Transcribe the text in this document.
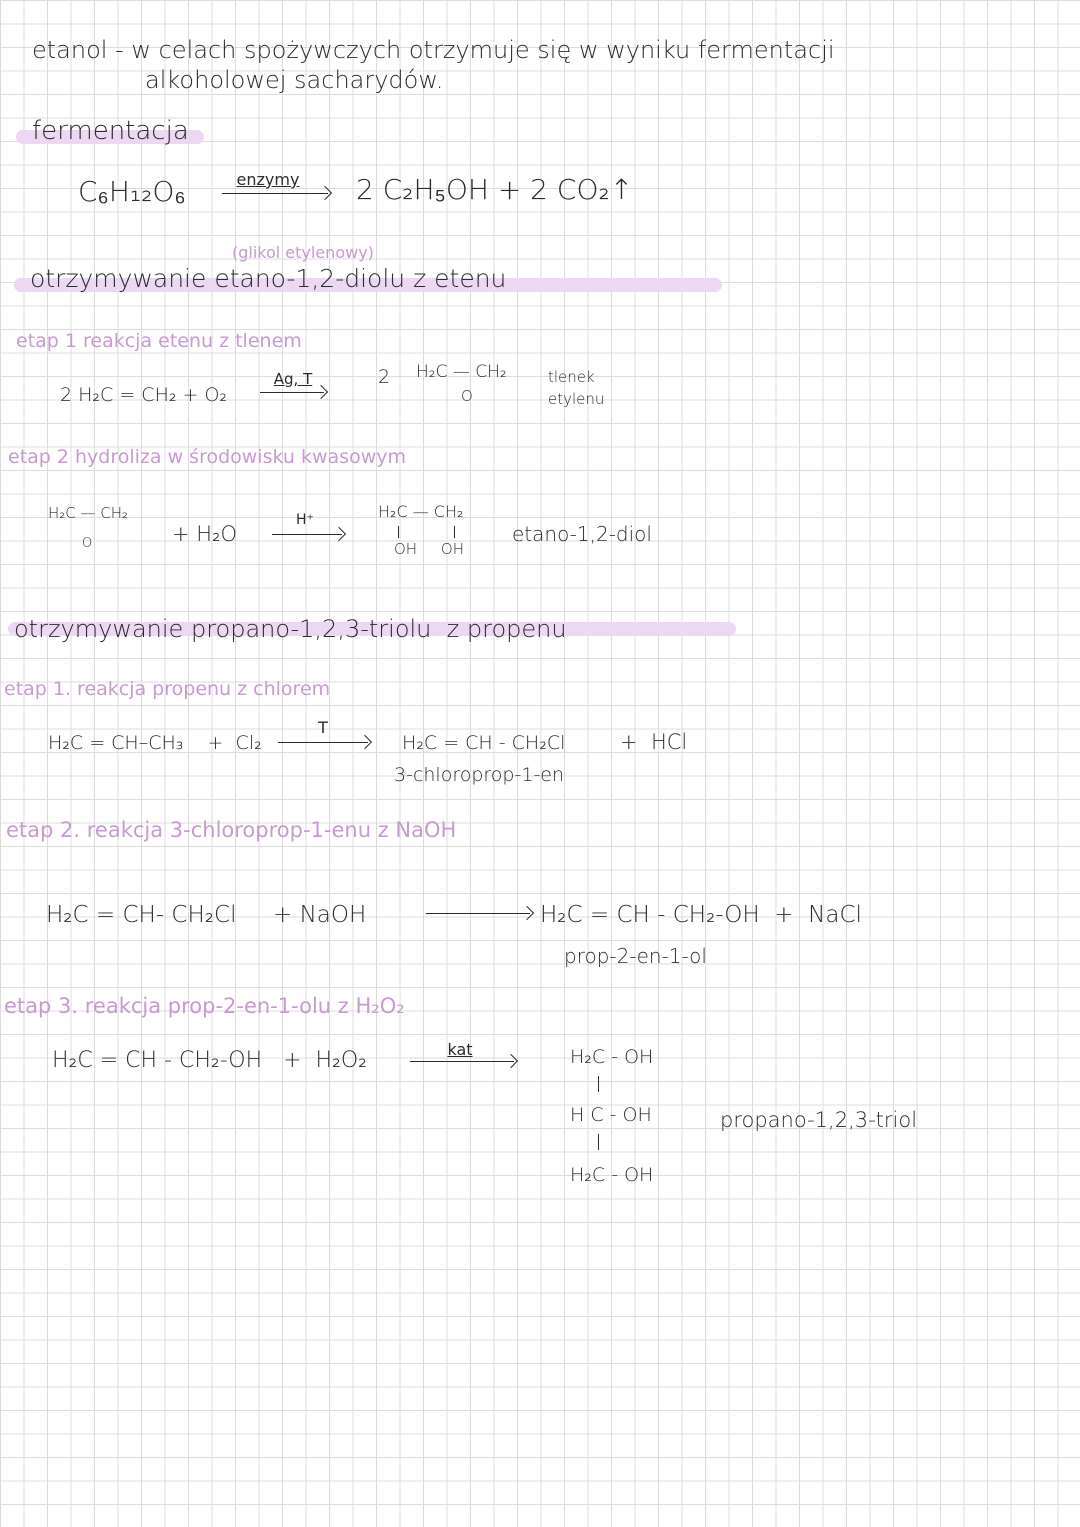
etanol - w celach spożywczych otrzymuje się w wyniku fermentacji
alkoholowej sacharydów.
fermentacja
C₆H₁₂O₆	enzymy	2 C₂H₅OH + 2 CO₂↑
(glikol etylenowy)
otrzymywanie etano-1,2-diolu z etenu
etap 1 reakcja etenu z tlenem
2 H₂C = CH₂ + O₂
Ag, T	2 H₂C — CH₂
O
tlenek etylenu
etap 2 hydroliza w środowisku kwasowym
H₂C — CH₂
O	+ H₂O
H⁺	H₂C — CH₂
OH     OH
etano-1,2-diol
otrzymywanie propano-1,2,3-triolu  z propenu
etap 1. reakcja propenu z chlorem
H₂C = CH–CH₃    +  Cl₂
T
H₂C = CH - CH₂Cl	+  HCl
3-chloroprop-1-en
etap 2. reakcja 3-chloroprop-1-enu z NaOH
H₂C = CH- CH₂Cl     + NaOH	H₂C = CH - CH₂-OH  +  NaCl
prop-2-en-1-ol
etap 3. reakcja prop-2-en-1-olu z H₂O₂
H₂C = CH - CH₂-OH   +  H₂O₂	kat	H₂C - OH
H C - OH
H₂C - OH
propano-1,2,3-triol
